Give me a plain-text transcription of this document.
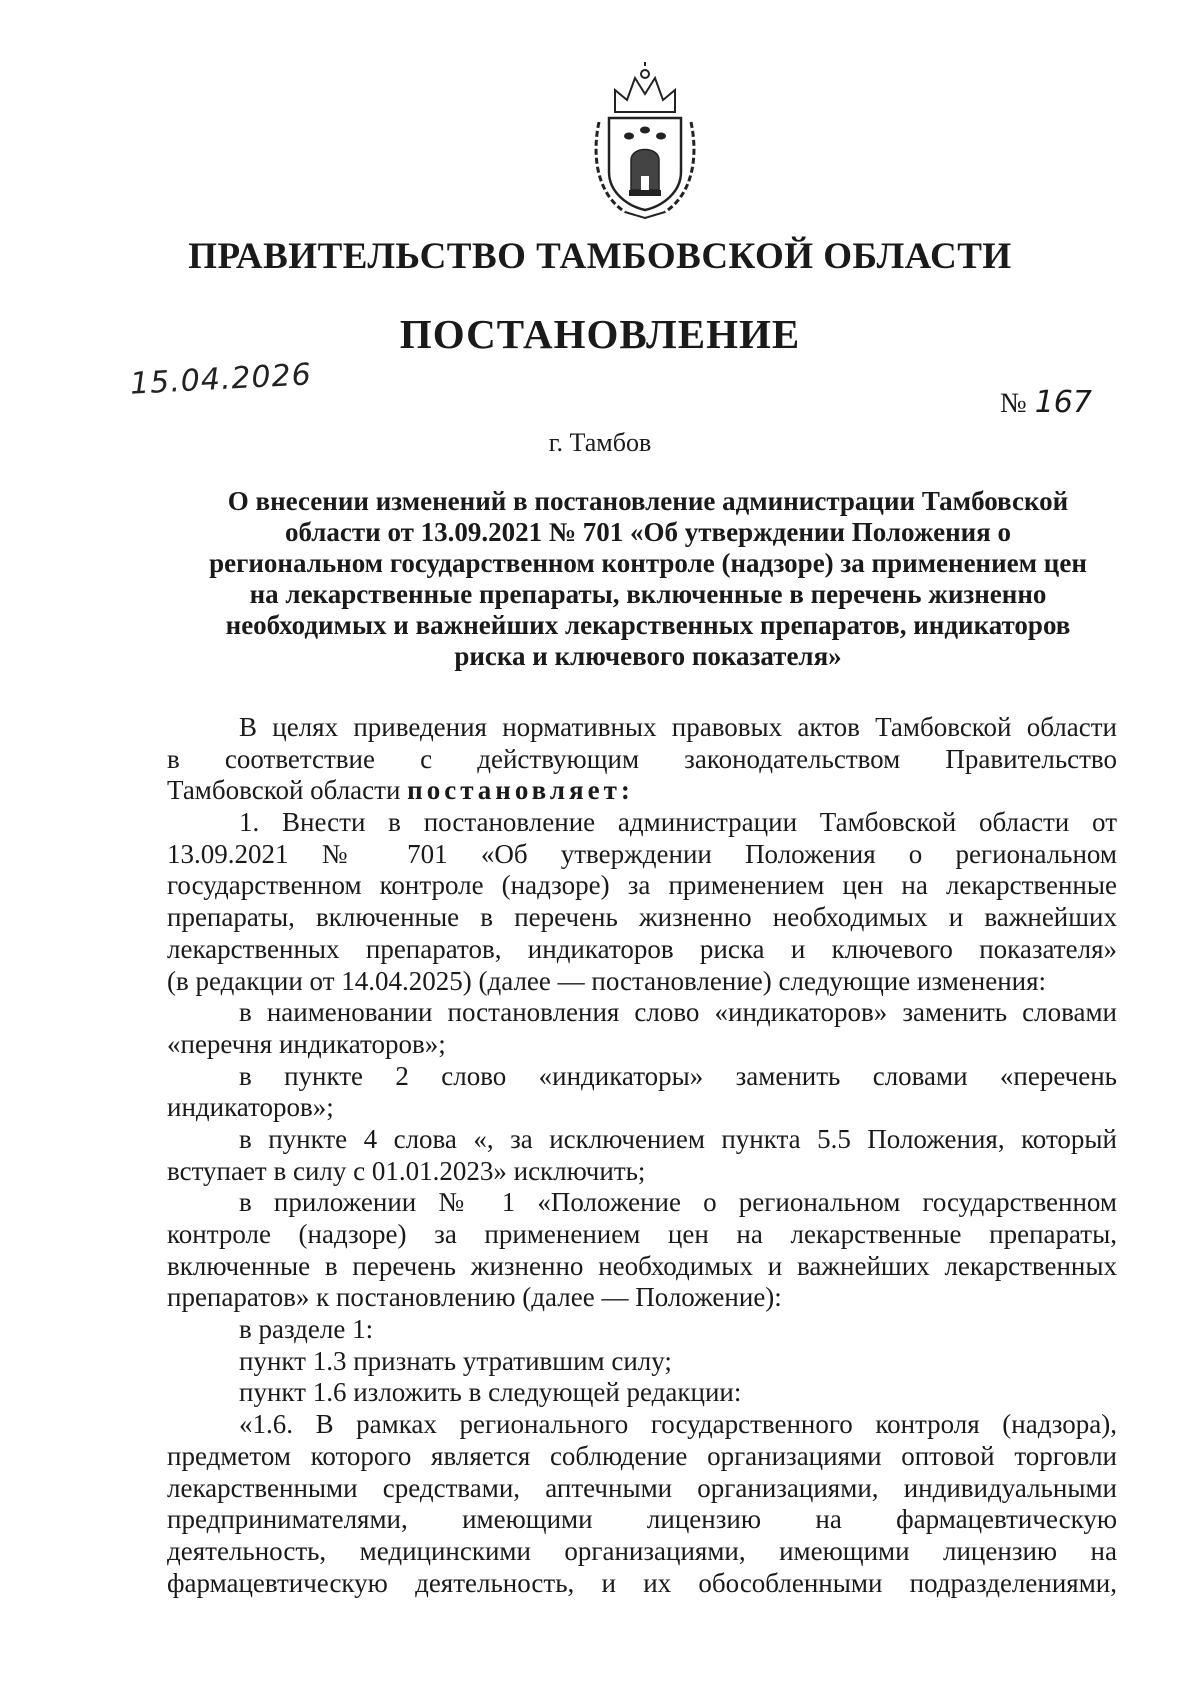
ПРАВИТЕЛЬСТВО ТАМБОВСКОЙ ОБЛАСТИ
ПОСТАНОВЛЕНИЕ
15.04.2026
№ 167
г. Тамбов
О внесении изменений в постановление администрации Тамбовской
области от 13.09.2021 № 701 «Об утверждении Положения о
региональном государственном контроле (надзоре) за применением цен
на лекарственные препараты, включенные в перечень жизненно
необходимых и важнейших лекарственных препаратов, индикаторов
риска и ключевого показателя»
В целях приведения нормативных правовых актов Тамбовской области
в соответствие с действующим законодательством Правительство
Тамбовской области постановляет:
1. Внести в постановление администрации Тамбовской области от
13.09.2021 № 701 «Об утверждении Положения о региональном
государственном контроле (надзоре) за применением цен на лекарственные
препараты, включенные в перечень жизненно необходимых и важнейших
лекарственных препаратов, индикаторов риска и ключевого показателя»
(в редакции от 14.04.2025) (далее — постановление) следующие изменения:
в наименовании постановления слово «индикаторов» заменить словами
«перечня индикаторов»;
в пункте 2 слово «индикаторы» заменить словами «перечень
индикаторов»;
в пункте 4 слова «, за исключением пункта 5.5 Положения, который
вступает в силу с 01.01.2023» исключить;
в приложении № 1 «Положение о региональном государственном
контроле (надзоре) за применением цен на лекарственные препараты,
включенные в перечень жизненно необходимых и важнейших лекарственных
препаратов» к постановлению (далее — Положение):
в разделе 1:
пункт 1.3 признать утратившим силу;
пункт 1.6 изложить в следующей редакции:
«1.6. В рамках регионального государственного контроля (надзора),
предметом которого является соблюдение организациями оптовой торговли
лекарственными средствами, аптечными организациями, индивидуальными
предпринимателями, имеющими лицензию на фармацевтическую
деятельность, медицинскими организациями, имеющими лицензию на
фармацевтическую деятельность, и их обособленными подразделениями,
